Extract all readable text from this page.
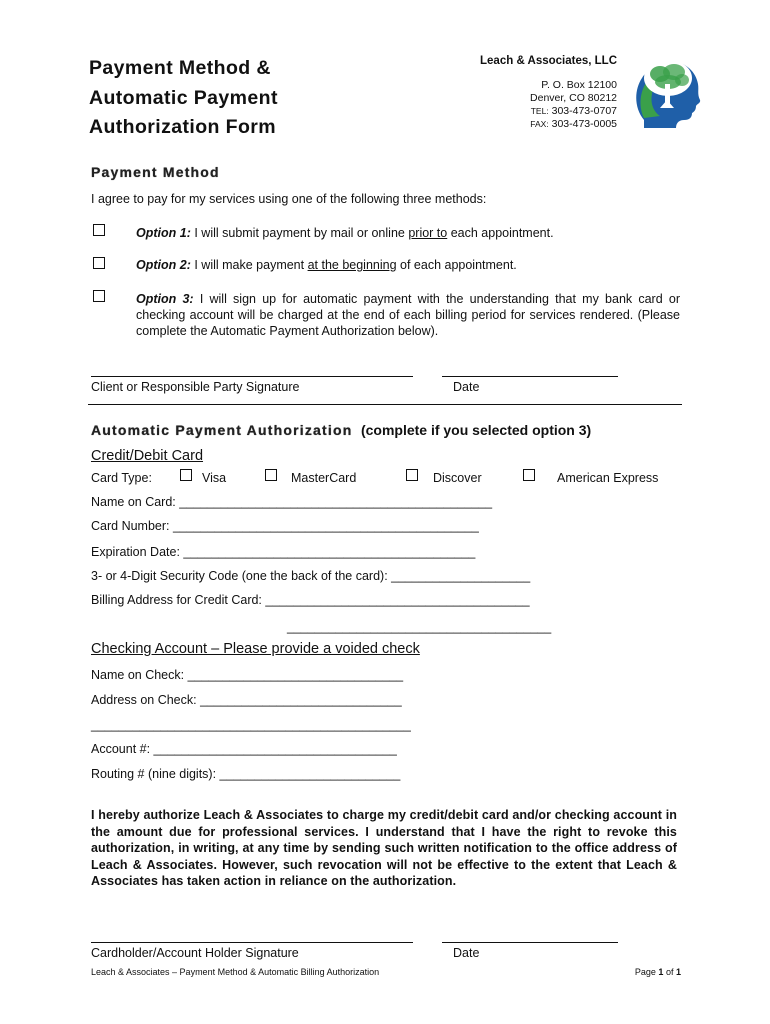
Payment Method &
Automatic Payment
Authorization Form
Leach & Associates, LLC
P. O. Box 12100
Denver, CO 80212
TEL: 303-473-0707
FAX: 303-473-0005
Payment Method
I agree to pay for my services using one of the following three methods:
Option 1: I will submit payment by mail or online prior to each appointment.
Option 2: I will make payment at the beginning of each appointment.
Option 3: I will sign up for automatic payment with the understanding that my bank card or checking account will be charged at the end of each billing period for services rendered. (Please complete the Automatic Payment Authorization below).
Client or Responsible Party Signature	Date
Automatic Payment Authorization (complete if you selected option 3)
Credit/Debit Card
Card Type:	Visa	MasterCard	Discover	American Express
Name on Card: _____________________________________________
Card Number: ____________________________________________
Expiration Date: __________________________________________
3- or 4-Digit Security Code (one the back of the card): ____________________
Billing Address for Credit Card: ______________________________________
______________________________________
Checking Account – Please provide a voided check
Name on Check: _______________________________
Address on Check: _____________________________
______________________________________________
Account #: ___________________________________
Routing # (nine digits): __________________________
I hereby authorize Leach & Associates to charge my credit/debit card and/or checking account in the amount due for professional services. I understand that I have the right to revoke this authorization, in writing, at any time by sending such written notification to the office address of Leach & Associates. However, such revocation will not be effective to the extent that Leach & Associates has taken action in reliance on the authorization.
Cardholder/Account Holder Signature	Date
Leach & Associates – Payment Method & Automatic Billing Authorization	Page 1 of 1
